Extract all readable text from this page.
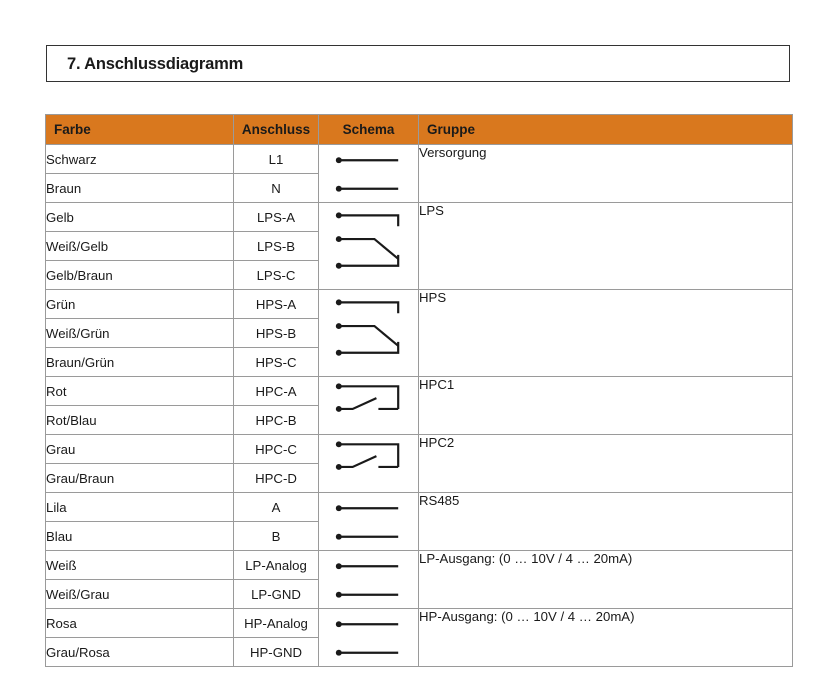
7. Anschlussdiagramm
Farbe	Anschluss	Schema	Gruppe
Schwarz	L1		Versorgung
Braun	N		
Gelb	LPS-A		LPS
Weiß/Gelb	LPS-B		
Gelb/Braun	LPS-C		
Grün	HPS-A		HPS
Weiß/Grün	HPS-B		
Braun/Grün	HPS-C		
Rot	HPC-A		HPC1
Rot/Blau	HPC-B		
Grau	HPC-C		HPC2
Grau/Braun	HPC-D		
Lila	A		RS485
Blau	B		
Weiß	LP-Analog		LP-Ausgang: (0 … 10V / 4 … 20mA)
Weiß/Grau	LP-GND		
Rosa	HP-Analog		HP-Ausgang: (0 … 10V / 4 … 20mA)
Grau/Rosa	HP-GND		
